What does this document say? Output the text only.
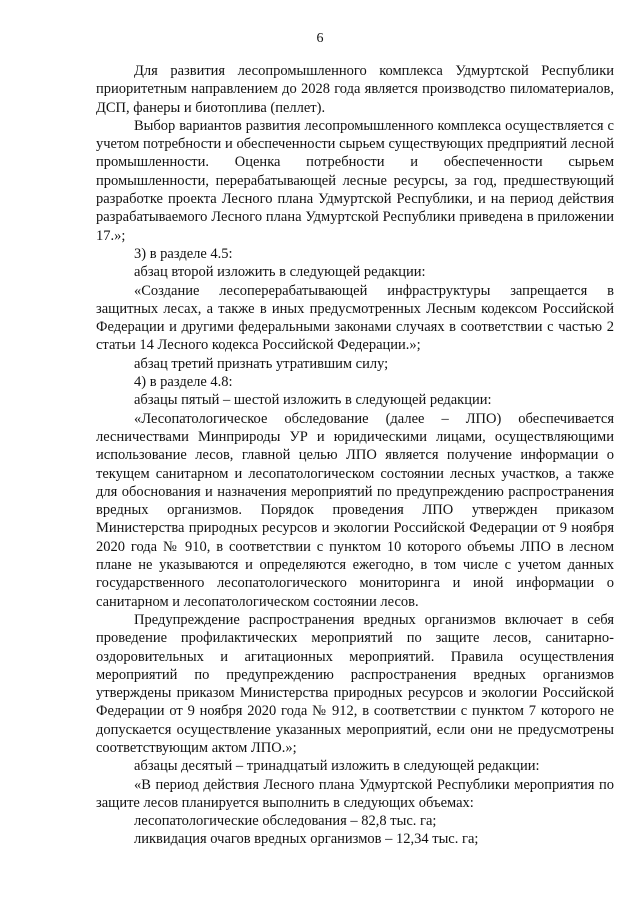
6

Для развития лесопромышленного комплекса Удмуртской Республики приоритетным направлением до 2028 года является производство пиломатериалов, ДСП, фанеры и биотоплива (пеллет).

Выбор вариантов развития лесопромышленного комплекса осуществляется с учетом потребности и обеспеченности сырьем существующих предприятий лесной промышленности. Оценка потребности и обеспеченности сырьем промышленности, перерабатывающей лесные ресурсы, за год, предшествующий разработке проекта Лесного плана Удмуртской Республики, и на период действия разрабатываемого Лесного плана Удмуртской Республики приведена в приложении 17.»;

3) в разделе 4.5:

абзац второй изложить в следующей редакции:

«Создание лесоперерабатывающей инфраструктуры запрещается в защитных лесах, а также в иных предусмотренных Лесным кодексом Российской Федерации и другими федеральными законами случаях в соответствии с частью 2 статьи 14 Лесного кодекса Российской Федерации.»;

абзац третий признать утратившим силу;

4) в разделе 4.8:

абзацы пятый – шестой изложить в следующей редакции:

«Лесопатологическое обследование (далее – ЛПО) обеспечивается лесничествами Минприроды УР и юридическими лицами, осуществляющими использование лесов, главной целью ЛПО является получение информации о текущем санитарном и лесопатологическом состоянии лесных участков, а также для обоснования и назначения мероприятий по предупреждению распространения вредных организмов. Порядок проведения ЛПО утвержден приказом Министерства природных ресурсов и экологии Российской Федерации от 9 ноября 2020 года № 910, в соответствии с пунктом 10 которого объемы ЛПО в лесном плане не указываются и определяются ежегодно, в том числе с учетом данных государственного лесопатологического мониторинга и иной информации о санитарном и лесопатологическом состоянии лесов.

Предупреждение распространения вредных организмов включает в себя проведение профилактических мероприятий по защите лесов, санитарно-оздоровительных и агитационных мероприятий. Правила осуществления мероприятий по предупреждению распространения вредных организмов утверждены приказом Министерства природных ресурсов и экологии Российской Федерации от 9 ноября 2020 года № 912, в соответствии с пунктом 7 которого не допускается осуществление указанных мероприятий, если они не предусмотрены соответствующим актом ЛПО.»;

абзацы десятый – тринадцатый изложить в следующей редакции:

«В период действия Лесного плана Удмуртской Республики мероприятия по защите лесов планируется выполнить в следующих объемах:

лесопатологические обследования – 82,8 тыс. га;

ликвидация очагов вредных организмов – 12,34 тыс. га;
